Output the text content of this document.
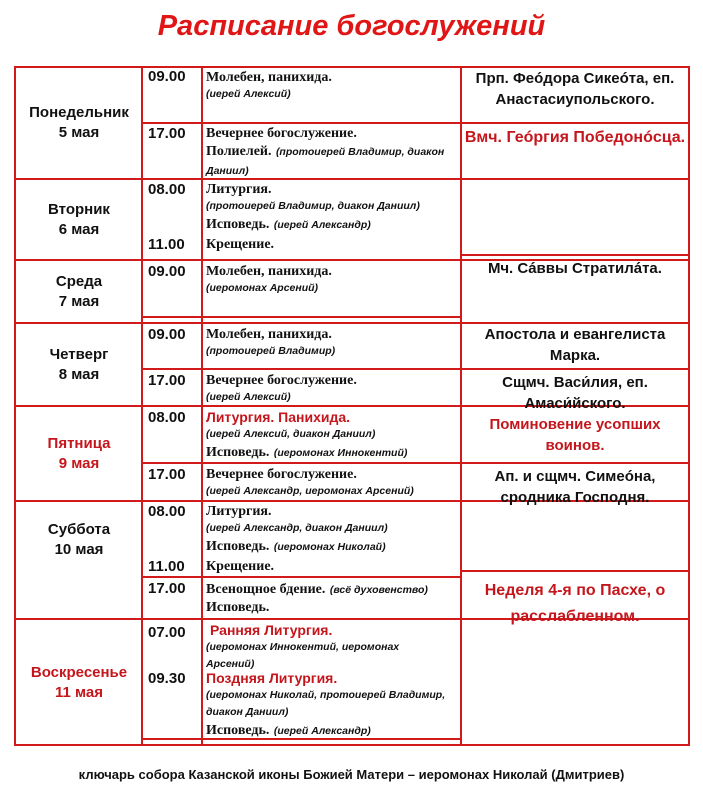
Расписание богослужений
Понедельник
5 мая
Вторник
6 мая
Среда
7 мая
Четверг
8 мая
Пятница
9 мая
Суббота
10 мая
Воскресенье
11 мая
09.00
17.00
08.00
11.00
09.00
09.00
17.00
08.00
17.00
08.00
11.00
17.00
07.00
09.30
Молебен, панихида.
(иерей Алексий)
Вечернее богослужение.
Полиелей. (протоиерей Владимир, диакон Даниил)
Литургия.
(протоиерей Владимир, диакон Даниил)
Исповедь. (иерей Александр)
Крещение.
Молебен, панихида.
(иеромонах Арсений)
Молебен, панихида.
(протоиерей Владимир)
Вечернее богослужение.
(иерей Алексий)
Литургия. Панихида.
(иерей Алексий, диакон Даниил)
Исповедь. (иеромонах Иннокентий)
Вечернее богослужение.
(иерей Александр, иеромонах Арсений)
Литургия.
(иерей Александр, диакон Даниил)
Исповедь. (иеромонах Николай)
Крещение.
Всенощное бдение. (всё духовенство)
Исповедь.
Ранняя Литургия.
(иеромонах Иннокентий, иеромонах Арсений)
Поздняя Литургия.
(иеромонах Николай, протоиерей Владимир, диакон Даниил)
Исповедь. (иерей Александр)
Прп. Феóдора Сикеóта, еп. Анастасиупольского.
Вмч. Геóргия Победонóсца.
Мч. Сáввы Стратилáта.
Апостола и евангелиста Марка.
Сщмч. Васи́лия, еп. Амаси́йского.
Поминовение усопших воинов.
Ап. и сщмч. Симеóна, сродника Господня.
Неделя 4-я по Пасхе, о расслабленном.
ключарь собора Казанской иконы Божией Матери – иеромонах Николай (Дмитриев)
